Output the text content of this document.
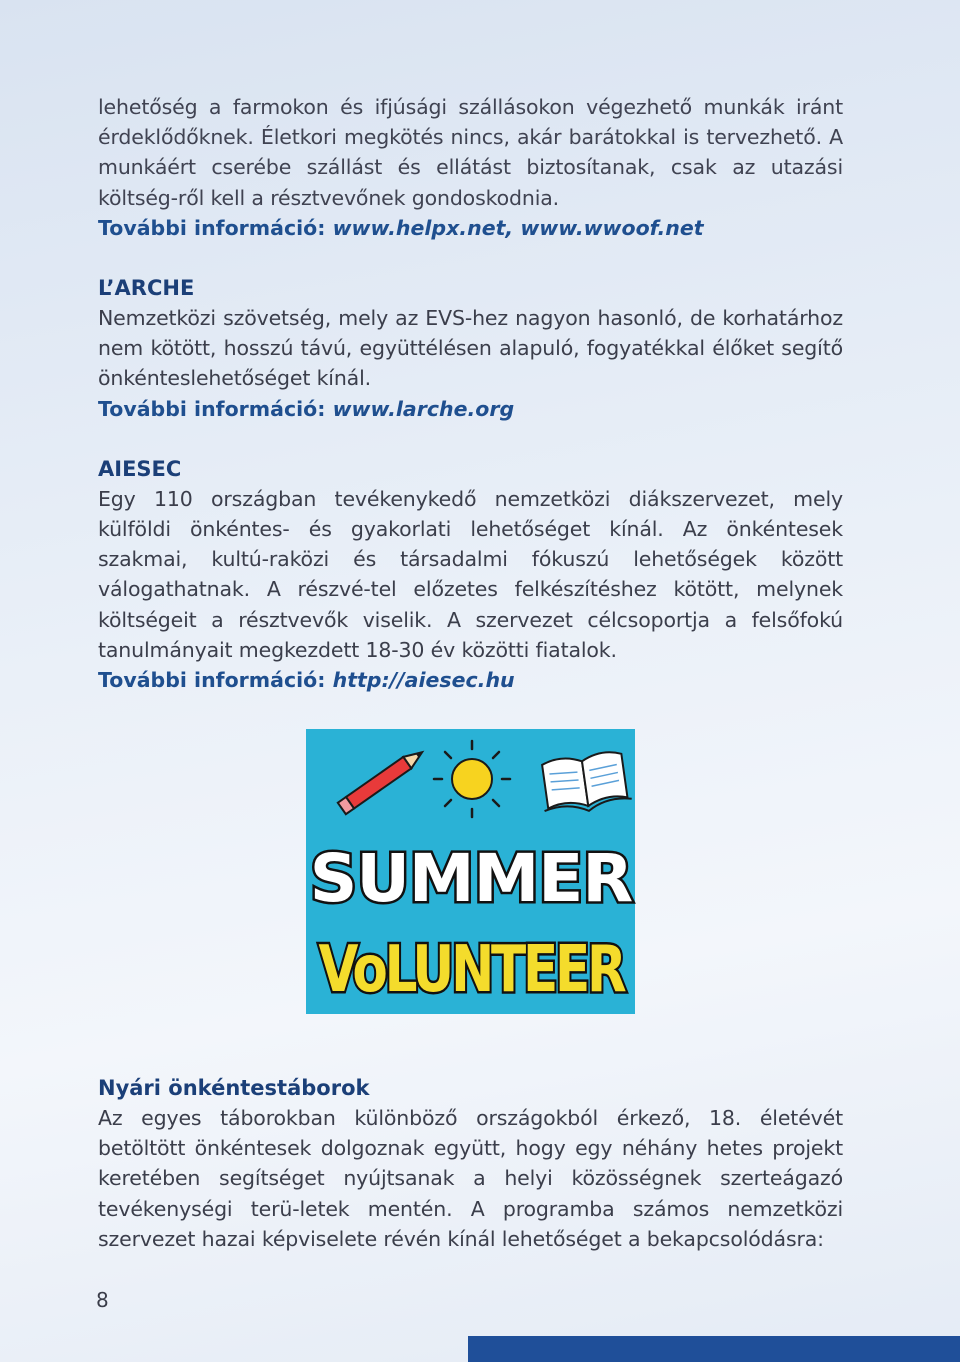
lehetőség a farmokon és ifjúsági szállásokon végezhető munkák iránt érdeklődőknek. Életkori megkötés nincs, akár barátokkal is tervezhető. A munkáért cserébe szállást és ellátást biztosítanak, csak az utazási költség-ről kell a résztvevőnek gondoskodnia.

További információ: www.helpx.net, www.wwoof.net

L’ARCHE

Nemzetközi szövetség, mely az EVS-hez nagyon hasonló, de korhatárhoz nem kötött, hosszú távú, együttélésen alapuló, fogyatékkal élőket segítő önkénteslehetőséget kínál.

További információ: www.larche.org

AIESEC

Egy 110 országban tevékenykedő nemzetközi diákszervezet, mely külföldi önkéntes- és gyakorlati lehetőséget kínál. Az önkéntesek szakmai, kultú-raközi és társadalmi fókuszú lehetőségek között válogathatnak. A részvé-tel előzetes felkészítéshez kötött, melynek költségeit a résztvevők viselik. A szervezet célcsoportja a felsőfokú tanulmányait megkezdett 18-30 év közötti fiatalok.

További információ: http://aiesec.hu

SUMMER
VoLUNTEER

Nyári önkéntestáborok

Az egyes táborokban különböző országokból érkező, 18. életévét betöltött önkéntesek dolgoznak együtt, hogy egy néhány hetes projekt keretében segítséget nyújtsanak a helyi közösségnek szerteágazó tevékenységi terü-letek mentén. A programba számos nemzetközi szervezet hazai képviselete révén kínál lehetőséget a bekapcsolódásra:

8
